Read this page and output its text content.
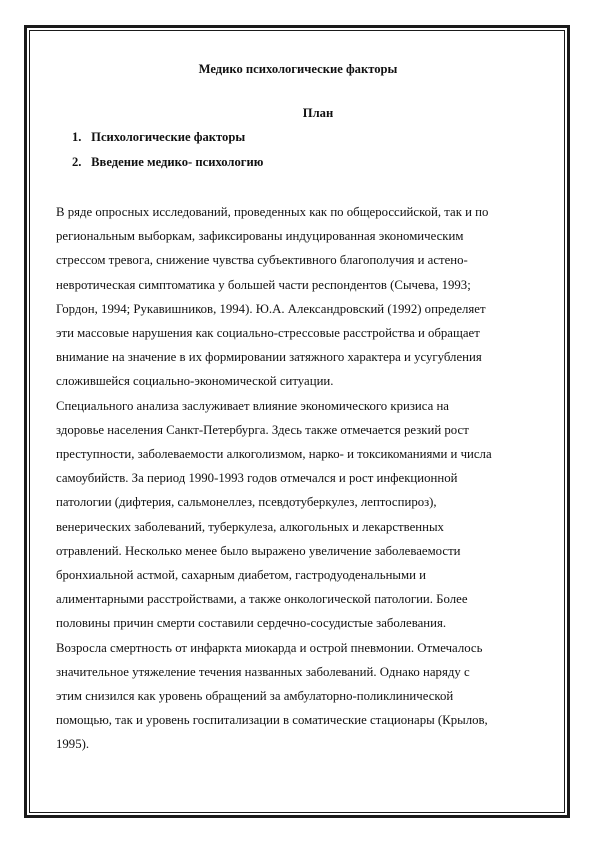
Медико психологические факторы
План
1. Психологические факторы
2. Введение медико- психологию
В ряде опросных исследований, проведенных как по общероссийской, так и по
региональным выборкам, зафиксированы индуцированная экономическим
стрессом тревога, снижение чувства субъективного благополучия и астено-
невротическая симптоматика у большей части респондентов (Сычева, 1993;
Гордон, 1994; Рукавишников, 1994). Ю.А. Александровский (1992) определяет
эти массовые нарушения как социально-стрессовые расстройства и обращает
внимание на значение в их формировании затяжного характера и усугубления
сложившейся социально-экономической ситуации.
Специального анализа заслуживает влияние экономического кризиса на
здоровье населения Санкт-Петербурга. Здесь также отмечается резкий рост
преступности, заболеваемости алкоголизмом, нарко- и токсикоманиями и числа
самоубийств. За период 1990-1993 годов отмечался и рост инфекционной
патологии (дифтерия, сальмонеллез, псевдотуберкулез, лептоспироз),
венерических заболеваний, туберкулеза, алкогольных и лекарственных
отравлений. Несколько менее было выражено увеличение заболеваемости
бронхиальной астмой, сахарным диабетом, гастродуоденальными и
алиментарными расстройствами, а также онкологической патологии. Более
половины причин смерти составили сердечно-сосудистые заболевания.
Возросла смертность от инфаркта миокарда и острой пневмонии. Отмечалось
значительное утяжеление течения названных заболеваний. Однако наряду с
этим снизился как уровень обращений за амбулаторно-поликлинической
помощью, так и уровень госпитализации в соматические стационары (Крылов,
1995).
